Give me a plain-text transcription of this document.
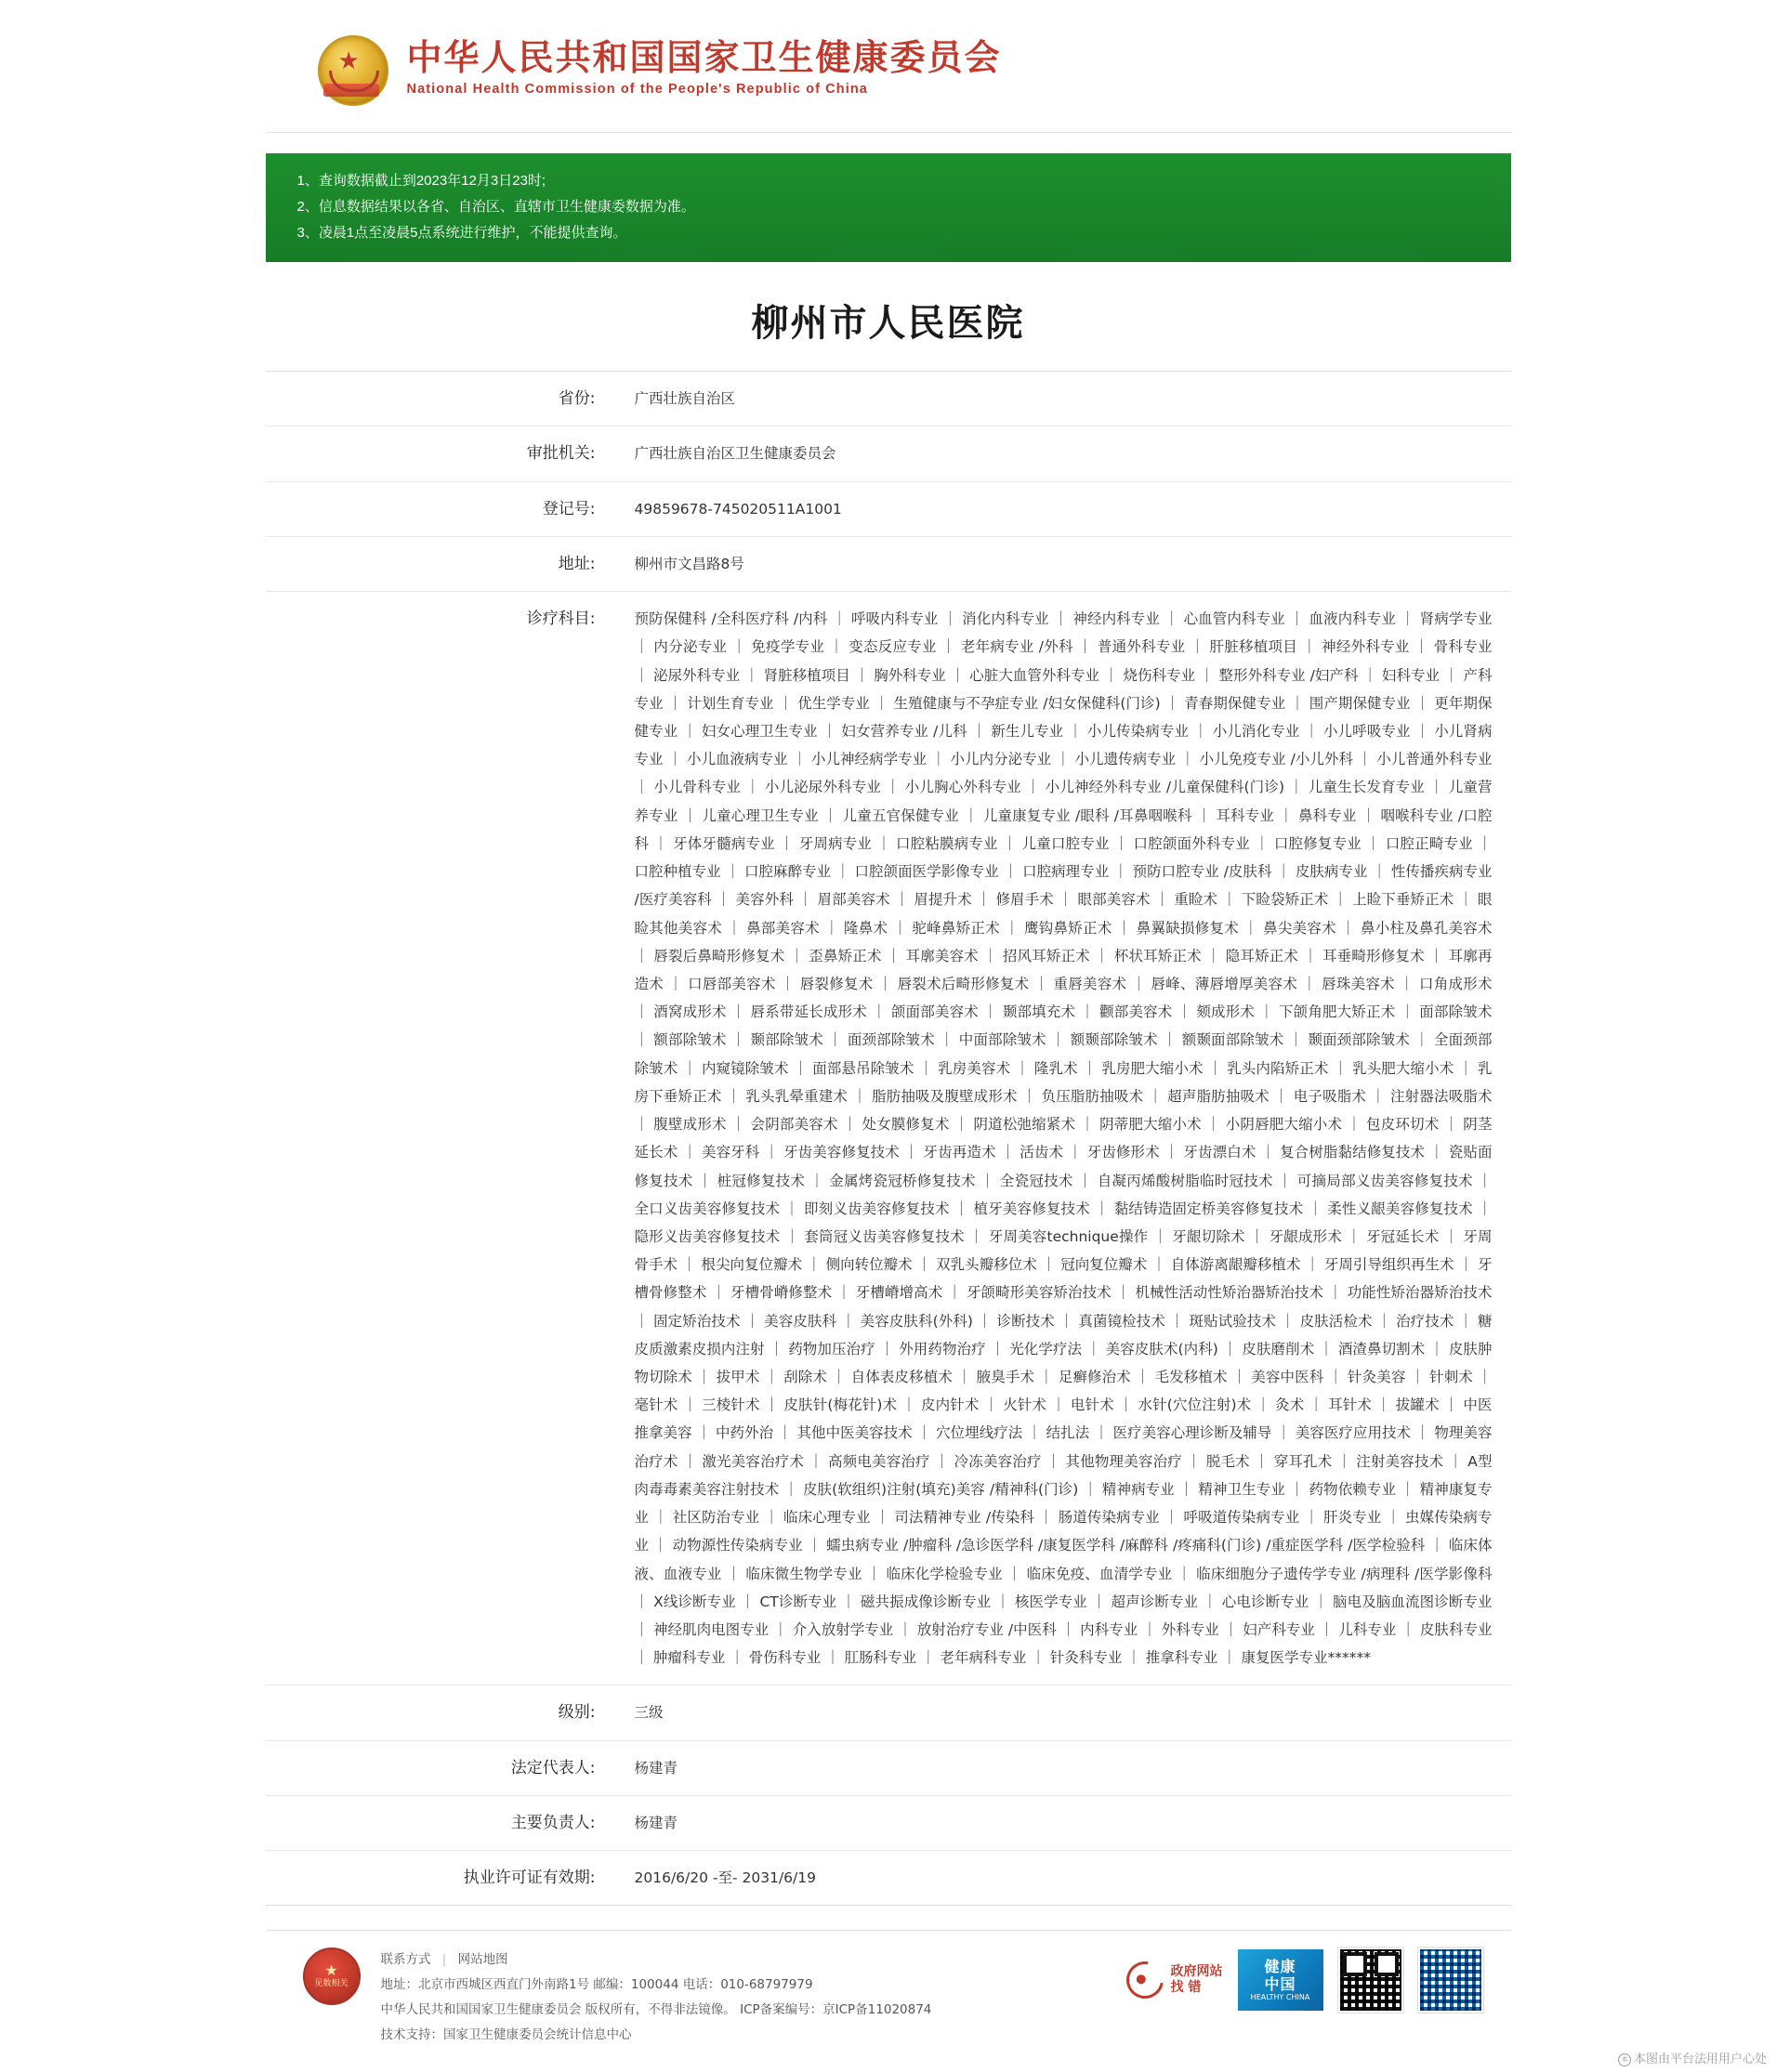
★ 中华人民共和国国家卫生健康委员会
National Health Commission of the People's Republic of China
1、查询数据截止到2023年12月3日23时;
2、信息数据结果以各省、自治区、直辖市卫生健康委数据为准。
3、凌晨1点至凌晨5点系统进行维护，不能提供查询。
柳州市人民医院
省份:	广西壮族自治区
审批机关:	广西壮族自治区卫生健康委员会
登记号:	49859678-745020511A1001
地址:	柳州市文昌路8号
诊疗科目:	预防保健科 /全科医疗科 /内科 ｜ 呼吸内科专业 ｜ 消化内科专业 ｜ 神经内科专业 ｜ 心血管内科专业 ｜ 血液内科专业 ｜ 肾病学专业 ｜ 内分泌专业 ｜ 免疫学专业 ｜ 变态反应专业 ｜ 老年病专业 /外科 ｜ 普通外科专业 ｜ 肝脏移植项目 ｜ 神经外科专业 ｜ 骨科专业 ｜ 泌尿外科专业 ｜ 肾脏移植项目 ｜ 胸外科专业 ｜ 心脏大血管外科专业 ｜ 烧伤科专业 ｜ 整形外科专业 /妇产科 ｜ 妇科专业 ｜ 产科专业 ｜ 计划生育专业 ｜ 优生学专业 ｜ 生殖健康与不孕症专业 /妇女保健科(门诊) ｜ 青春期保健专业 ｜ 围产期保健专业 ｜ 更年期保健专业 ｜ 妇女心理卫生专业 ｜ 妇女营养专业 /儿科 ｜ 新生儿专业 ｜ 小儿传染病专业 ｜ 小儿消化专业 ｜ 小儿呼吸专业 ｜ 小儿肾病专业 ｜ 小儿血液病专业 ｜ 小儿神经病学专业 ｜ 小儿内分泌专业 ｜ 小儿遗传病专业 ｜ 小儿免疫专业 /小儿外科 ｜ 小儿普通外科专业 ｜ 小儿骨科专业 ｜ 小儿泌尿外科专业 ｜ 小儿胸心外科专业 ｜ 小儿神经外科专业 /儿童保健科(门诊) ｜ 儿童生长发育专业 ｜ 儿童营养专业 ｜ 儿童心理卫生专业 ｜ 儿童五官保健专业 ｜ 儿童康复专业 /眼科 /耳鼻咽喉科 ｜ 耳科专业 ｜ 鼻科专业 ｜ 咽喉科专业 /口腔科 ｜ 牙体牙髓病专业 ｜ 牙周病专业 ｜ 口腔粘膜病专业 ｜ 儿童口腔专业 ｜ 口腔颌面外科专业 ｜ 口腔修复专业 ｜ 口腔正畸专业 ｜ 口腔种植专业 ｜ 口腔麻醉专业 ｜ 口腔颌面医学影像专业 ｜ 口腔病理专业 ｜ 预防口腔专业 /皮肤科 ｜ 皮肤病专业 ｜ 性传播疾病专业 /医疗美容科 ｜ 美容外科 ｜ 眉部美容术 ｜ 眉提升术 ｜ 修眉手术 ｜ 眼部美容术 ｜ 重睑术 ｜ 下睑袋矫正术 ｜ 上睑下垂矫正术 ｜ 眼睑其他美容术 ｜ 鼻部美容术 ｜ 隆鼻术 ｜ 驼峰鼻矫正术 ｜ 鹰钩鼻矫正术 ｜ 鼻翼缺损修复术 ｜ 鼻尖美容术 ｜ 鼻小柱及鼻孔美容术 ｜ 唇裂后鼻畸形修复术 ｜ 歪鼻矫正术 ｜ 耳廓美容术 ｜ 招风耳矫正术 ｜ 杯状耳矫正术 ｜ 隐耳矫正术 ｜ 耳垂畸形修复术 ｜ 耳廓再造术 ｜ 口唇部美容术 ｜ 唇裂修复术 ｜ 唇裂术后畸形修复术 ｜ 重唇美容术 ｜ 唇峰、薄唇增厚美容术 ｜ 唇珠美容术 ｜ 口角成形术 ｜ 酒窝成形术 ｜ 唇系带延长成形术 ｜ 颌面部美容术 ｜ 颞部填充术 ｜ 颧部美容术 ｜ 颏成形术 ｜ 下颌角肥大矫正术 ｜ 面部除皱术 ｜ 额部除皱术 ｜ 颞部除皱术 ｜ 面颈部除皱术 ｜ 中面部除皱术 ｜ 额颞部除皱术 ｜ 额颞面部除皱术 ｜ 颞面颈部除皱术 ｜ 全面颈部除皱术 ｜ 内窥镜除皱术 ｜ 面部悬吊除皱术 ｜ 乳房美容术 ｜ 隆乳术 ｜ 乳房肥大缩小术 ｜ 乳头内陷矫正术 ｜ 乳头肥大缩小术 ｜ 乳房下垂矫正术 ｜ 乳头乳晕重建术 ｜ 脂肪抽吸及腹壁成形术 ｜ 负压脂肪抽吸术 ｜ 超声脂肪抽吸术 ｜ 电子吸脂术 ｜ 注射器法吸脂术 ｜ 腹壁成形术 ｜ 会阴部美容术 ｜ 处女膜修复术 ｜ 阴道松弛缩紧术 ｜ 阴蒂肥大缩小术 ｜ 小阴唇肥大缩小术 ｜ 包皮环切术 ｜ 阴茎延长术 ｜ 美容牙科 ｜ 牙齿美容修复技术 ｜ 牙齿再造术 ｜ 活齿术 ｜ 牙齿修形术 ｜ 牙齿漂白术 ｜ 复合树脂黏结修复技术 ｜ 瓷贴面修复技术 ｜ 桩冠修复技术 ｜ 金属烤瓷冠桥修复技术 ｜ 全瓷冠技术 ｜ 自凝丙烯酸树脂临时冠技术 ｜ 可摘局部义齿美容修复技术 ｜ 全口义齿美容修复技术 ｜ 即刻义齿美容修复技术 ｜ 植牙美容修复技术 ｜ 黏结铸造固定桥美容修复技术 ｜ 柔性义龈美容修复技术 ｜ 隐形义齿美容修复技术 ｜ 套筒冠义齿美容修复技术 ｜ 牙周美容technique操作 ｜ 牙龈切除术 ｜ 牙龈成形术 ｜ 牙冠延长术 ｜ 牙周骨手术 ｜ 根尖向复位瓣术 ｜ 侧向转位瓣术 ｜ 双乳头瓣移位术 ｜ 冠向复位瓣术 ｜ 自体游离龈瓣移植术 ｜ 牙周引导组织再生术 ｜ 牙槽骨修整术 ｜ 牙槽骨嵴修整术 ｜ 牙槽嵴增高术 ｜ 牙颌畸形美容矫治技术 ｜ 机械性活动性矫治器矫治技术 ｜ 功能性矫治器矫治技术 ｜ 固定矫治技术 ｜ 美容皮肤科 ｜ 美容皮肤科(外科) ｜ 诊断技术 ｜ 真菌镜检技术 ｜ 斑贴试验技术 ｜ 皮肤活检术 ｜ 治疗技术 ｜ 糖皮质激素皮损内注射 ｜ 药物加压治疗 ｜ 外用药物治疗 ｜ 光化学疗法 ｜ 美容皮肤术(内科) ｜ 皮肤磨削术 ｜ 酒渣鼻切割术 ｜ 皮肤肿物切除术 ｜ 拔甲术 ｜ 刮除术 ｜ 自体表皮移植术 ｜ 腋臭手术 ｜ 足癣修治术 ｜ 毛发移植术 ｜ 美容中医科 ｜ 针灸美容 ｜ 针刺术 ｜ 毫针术 ｜ 三棱针术 ｜ 皮肤针(梅花针)术 ｜ 皮内针术 ｜ 火针术 ｜ 电针术 ｜ 水针(穴位注射)术 ｜ 灸术 ｜ 耳针术 ｜ 拔罐术 ｜ 中医推拿美容 ｜ 中药外治 ｜ 其他中医美容技术 ｜ 穴位埋线疗法 ｜ 结扎法 ｜ 医疗美容心理诊断及辅导 ｜ 美容医疗应用技术 ｜ 物理美容治疗术 ｜ 激光美容治疗术 ｜ 高频电美容治疗 ｜ 冷冻美容治疗 ｜ 其他物理美容治疗 ｜ 脱毛术 ｜ 穿耳孔术 ｜ 注射美容技术 ｜ A型肉毒毒素美容注射技术 ｜ 皮肤(软组织)注射(填充)美容 /精神科(门诊) ｜ 精神病专业 ｜ 精神卫生专业 ｜ 药物依赖专业 ｜ 精神康复专业 ｜ 社区防治专业 ｜ 临床心理专业 ｜ 司法精神专业 /传染科 ｜ 肠道传染病专业 ｜ 呼吸道传染病专业 ｜ 肝炎专业 ｜ 虫媒传染病专业 ｜ 动物源性传染病专业 ｜ 蠕虫病专业 /肿瘤科 /急诊医学科 /康复医学科 /麻醉科 /疼痛科(门诊) /重症医学科 /医学检验科 ｜ 临床体液、血液专业 ｜ 临床微生物学专业 ｜ 临床化学检验专业 ｜ 临床免疫、血清学专业 ｜ 临床细胞分子遗传学专业 /病理科 /医学影像科 ｜ X线诊断专业 ｜ CT诊断专业 ｜ 磁共振成像诊断专业 ｜ 核医学专业 ｜ 超声诊断专业 ｜ 心电诊断专业 ｜ 脑电及脑血流图诊断专业 ｜ 神经肌肉电图专业 ｜ 介入放射学专业 ｜ 放射治疗专业 /中医科 ｜ 内科专业 ｜ 外科专业 ｜ 妇产科专业 ｜ 儿科专业 ｜ 皮肤科专业 ｜ 肿瘤科专业 ｜ 骨伤科专业 ｜ 肛肠科专业 ｜ 老年病科专业 ｜ 针灸科专业 ｜ 推拿科专业 ｜ 康复医学专业******
级别:	三级
法定代表人:	杨建青
主要负责人:	杨建青
执业许可证有效期:	2016/6/20 -至- 2031/6/19
★
见数相关
联系方式 | 网站地图
地址：北京市西城区西直门外南路1号 邮编：100044 电话：010-68797979
中华人民共和国国家卫生健康委员会 版权所有，不得非法镜像。 ICP备案编号：京ICP备11020874
技术支持：国家卫生健康委员会统计信息中心
政府网站
找 错
健康
中国
HEALTHY CHINA
本 本图由平台法用用户心处
